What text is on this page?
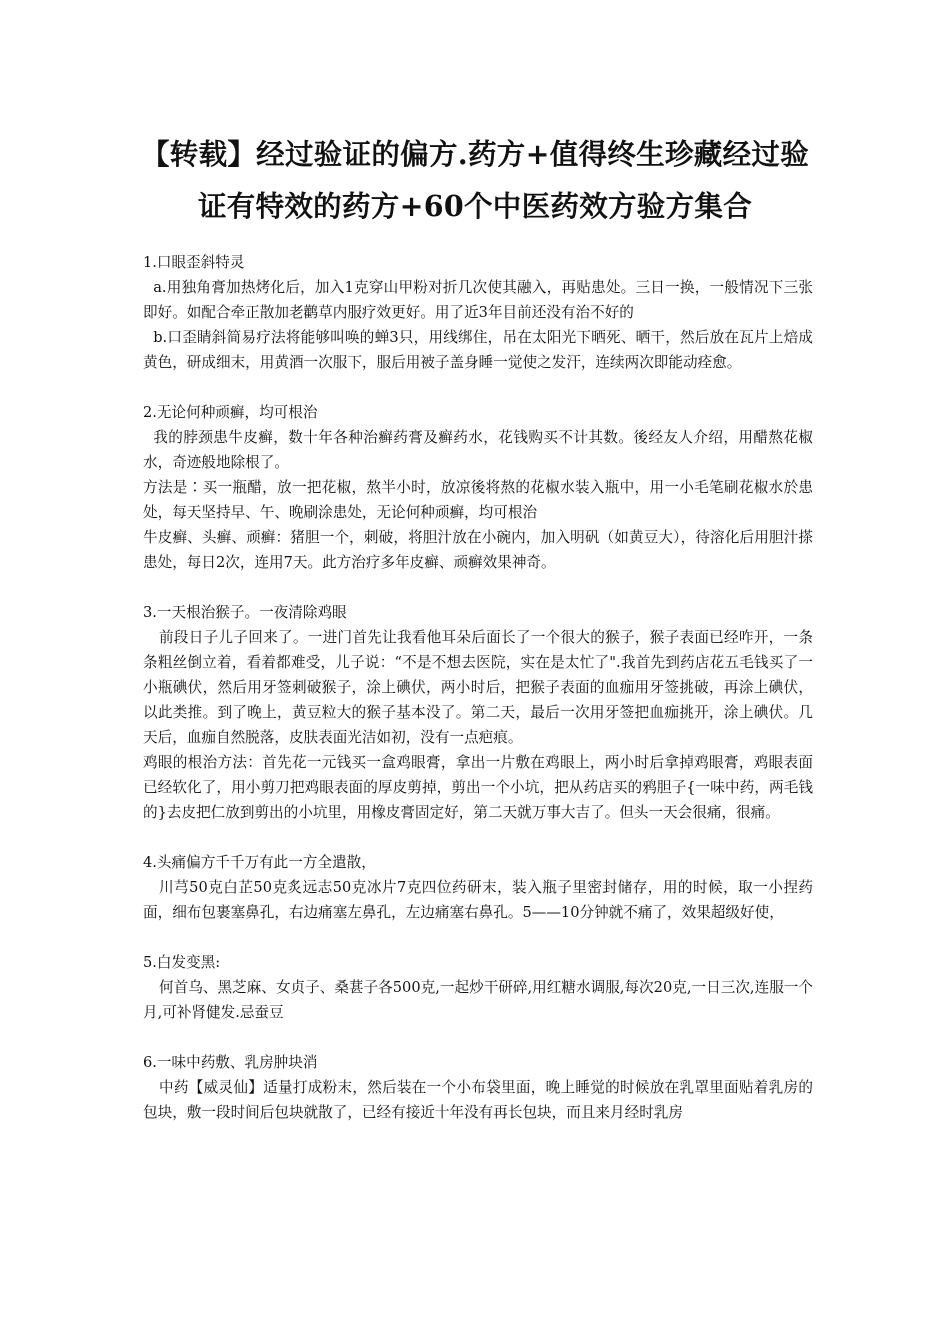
【转载】经过验证的偏方.药方+值得终生珍藏经过验
证有特效的药方+60个中医药效方验方集合

1.口眼歪斜特灵

a.用独角膏加热烤化后，加入1克穿山甲粉对折几次使其融入，再贴患处。三日一换，一般情况下三张即好。如配合牵正散加老鹳草内服疗效更好。用了近3年目前还没有治不好的

b.口歪睛斜简易疗法将能够叫唤的蝉3只，用线绑住，吊在太阳光下晒死、晒干，然后放在瓦片上焙成黄色，研成细末，用黄酒一次服下，服后用被子盖身睡一觉使之发汗，连续两次即能动痊愈。

2.无论何种顽癣，均可根治

我的脖颈患牛皮癣，数十年各种治癣药膏及癣药水，花钱购买不计其数。後经友人介绍，用醋熬花椒水，奇迹般地除根了。

方法是∶买一瓶醋，放一把花椒，熬半小时，放凉後将熬的花椒水装入瓶中，用一小毛笔刷花椒水於患处，每天坚持早、午、晚刷涂患处，无论何种顽癣，均可根治

牛皮癣、头癣、顽癣：猪胆一个，刺破，将胆汁放在小碗内，加入明矾（如黄豆大），待溶化后用胆汁搽患处，每日2次，连用7天。此方治疗多年皮癣、顽癣效果神奇。

3.一天根治猴子。一夜清除鸡眼

前段日子儿子回来了。一进门首先让我看他耳朵后面长了一个很大的猴子，猴子表面已经咋开，一条条粗丝倒立着，看着都难受，儿子说：“不是不想去医院，实在是太忙了".我首先到药店花五毛钱买了一小瓶碘伏，然后用牙签刺破猴子，涂上碘伏，两小时后，把猴子表面的血痂用牙签挑破，再涂上碘伏，以此类推。到了晚上，黄豆粒大的猴子基本没了。第二天，最后一次用牙签把血痂挑开，涂上碘伏。几天后，血痂自然脱落，皮肤表面光洁如初，没有一点疤痕。

鸡眼的根治方法：首先花一元钱买一盒鸡眼膏，拿出一片敷在鸡眼上，两小时后拿掉鸡眼膏，鸡眼表面已经软化了，用小剪刀把鸡眼表面的厚皮剪掉，剪出一个小坑，把从药店买的鸦胆子{一味中药，两毛钱的}去皮把仁放到剪出的小坑里，用橡皮膏固定好，第二天就万事大吉了。但头一天会很痛，很痛。

4.头痛偏方千千万有此一方全遣散，

川芎50克白芷50克炙远志50克冰片7克四位药研末，装入瓶子里密封储存，用的时候，取一小捏药面，细布包裹塞鼻孔，右边痛塞左鼻孔，左边痛塞右鼻孔。5——10分钟就不痛了，效果超级好使，

5.白发变黑:

何首乌、黑芝麻、女贞子、桑葚子各500克,一起炒干研碎,用红糖水调服,每次20克,一日三次,连服一个月,可补肾健发.忌蚕豆

6.一味中药敷、乳房肿块消

中药【威灵仙】适量打成粉末，然后装在一个小布袋里面，晚上睡觉的时候放在乳罩里面贴着乳房的包块，敷一段时间后包块就散了，已经有接近十年没有再长包块，而且来月经时乳房
